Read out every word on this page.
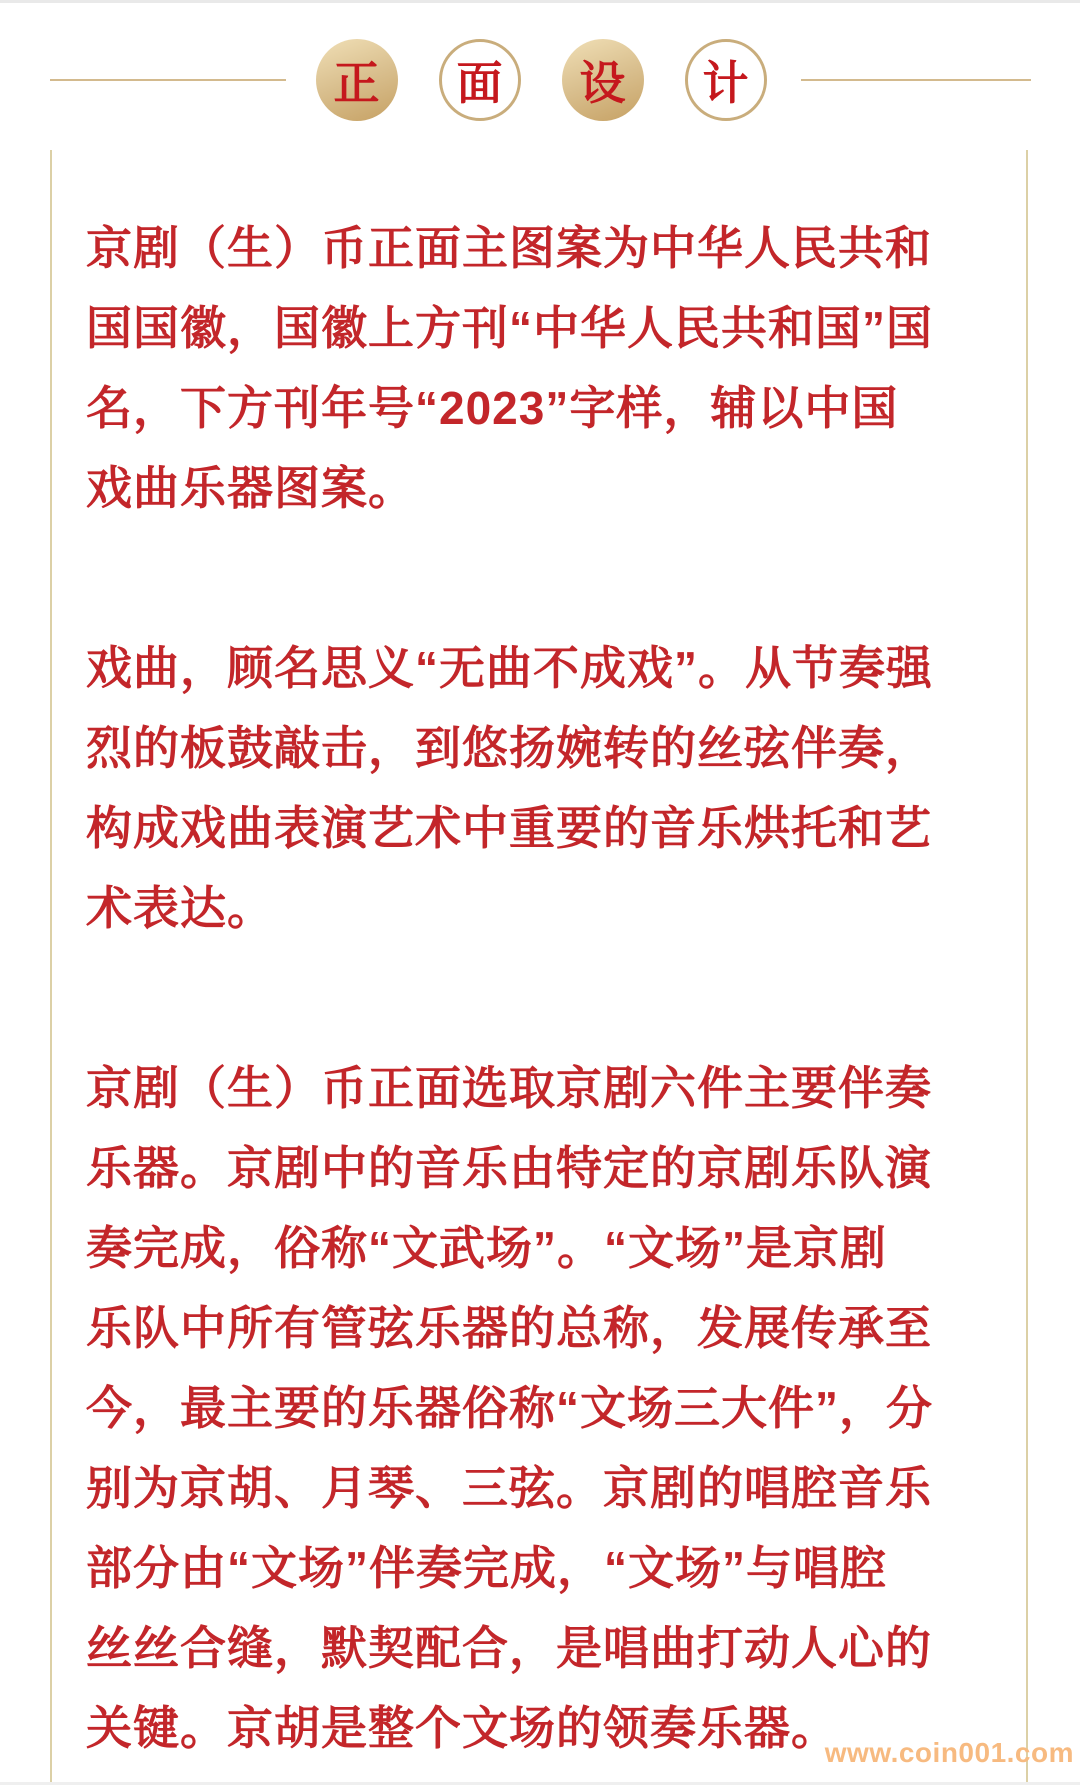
正	面	设	计
京剧（生）币正面主图案为中华人民共和
国国徽，国徽上方刊“中华人民共和国”国
名，下方刊年号“2023”字样，辅以中国
戏曲乐器图案。
戏曲，顾名思义“无曲不成戏”。从节奏强
烈的板鼓敲击，到悠扬婉转的丝弦伴奏，
构成戏曲表演艺术中重要的音乐烘托和艺
术表达。
京剧（生）币正面选取京剧六件主要伴奏
乐器。京剧中的音乐由特定的京剧乐队演
奏完成，俗称“文武场”。“文场”是京剧
乐队中所有管弦乐器的总称，发展传承至
今，最主要的乐器俗称“文场三大件”，分
别为京胡、月琴、三弦。京剧的唱腔音乐
部分由“文场”伴奏完成，“文场”与唱腔
丝丝合缝，默契配合，是唱曲打动人心的
关键。京胡是整个文场的领奏乐器。
www.coin001.com
